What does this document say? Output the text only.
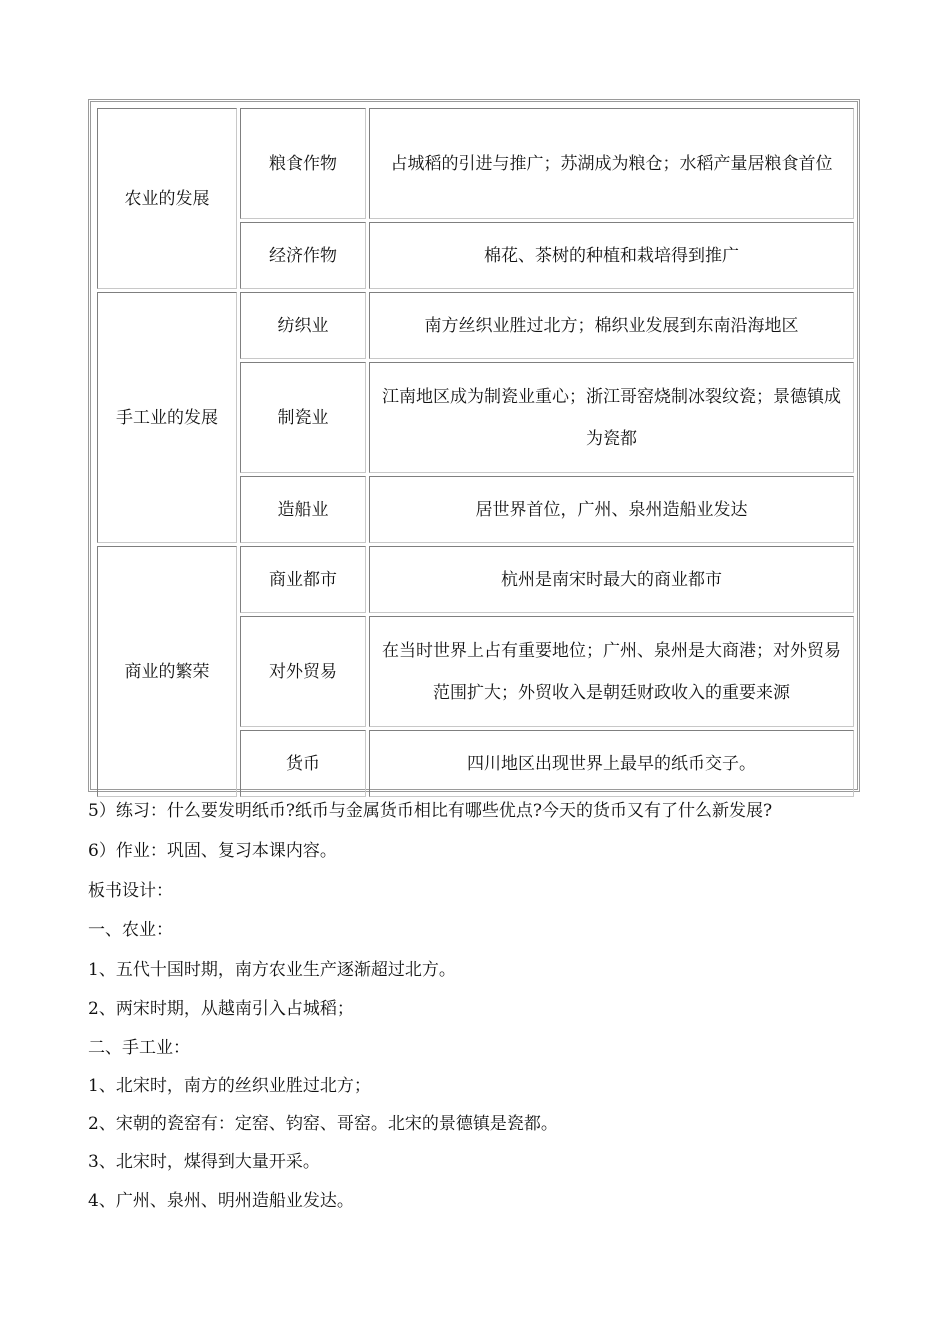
农业的发展	粮食作物	占城稻的引进与推广；苏湖成为粮仓；水稻产量居粮食首位
	经济作物	棉花、茶树的种植和栽培得到推广
手工业的发展	纺织业	南方丝织业胜过北方；棉织业发展到东南沿海地区
	制瓷业	江南地区成为制瓷业重心；浙江哥窑烧制冰裂纹瓷；景德镇成为瓷都
	造船业	居世界首位，广州、泉州造船业发达
商业的繁荣	商业都市	杭州是南宋时最大的商业都市
	对外贸易	在当时世界上占有重要地位；广州、泉州是大商港；对外贸易范围扩大；外贸收入是朝廷财政收入的重要来源
	货币	四川地区出现世界上最早的纸币交子。
5）练习：什么要发明纸币?纸币与金属货币相比有哪些优点?今天的货币又有了什么新发展?
6）作业：巩固、复习本课内容。
板书设计：
一、农业：
1、五代十国时期，南方农业生产逐渐超过北方。
2、两宋时期，从越南引入占城稻；
二、手工业：
1、北宋时，南方的丝织业胜过北方；
2、宋朝的瓷窑有：定窑、钧窑、哥窑。北宋的景德镇是瓷都。
3、北宋时，煤得到大量开采。
4、广州、泉州、明州造船业发达。
